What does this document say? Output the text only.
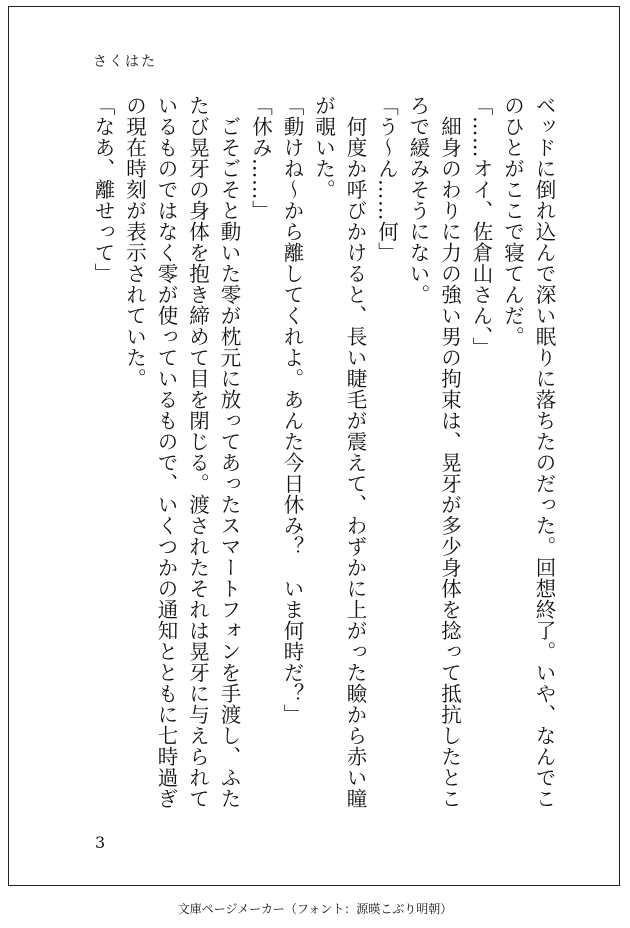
さくはた

ベッドに倒れ込んで深い眠りに落ちたのだった。回想終了。いや、なんでこのひとがここで寝てんだ。

「……オイ、佐倉山さん、」

　細身のわりに力の強い男の拘束は、晃牙が多少身体を捻って抵抗したところで緩みそうにない。

「う〜ん……何」

　何度か呼びかけると、長い睫毛が震えて、わずかに上がった瞼から赤い瞳が覗いた。

「動けね〜から離してくれよ。あんた今日休み？　いま何時だ？」

「休み……」

　ごそごそと動いた零が枕元に放ってあったスマートフォンを手渡し、ふたたび晃牙の身体を抱き締めて目を閉じる。渡されたそれは晃牙に与えられているものではなく零が使っているもので、いくつかの通知とともに七時過ぎの現在時刻が表示されていた。

「なあ、離せって」

3
文庫ページメーカー（フォント：源暎こぶり明朝）
